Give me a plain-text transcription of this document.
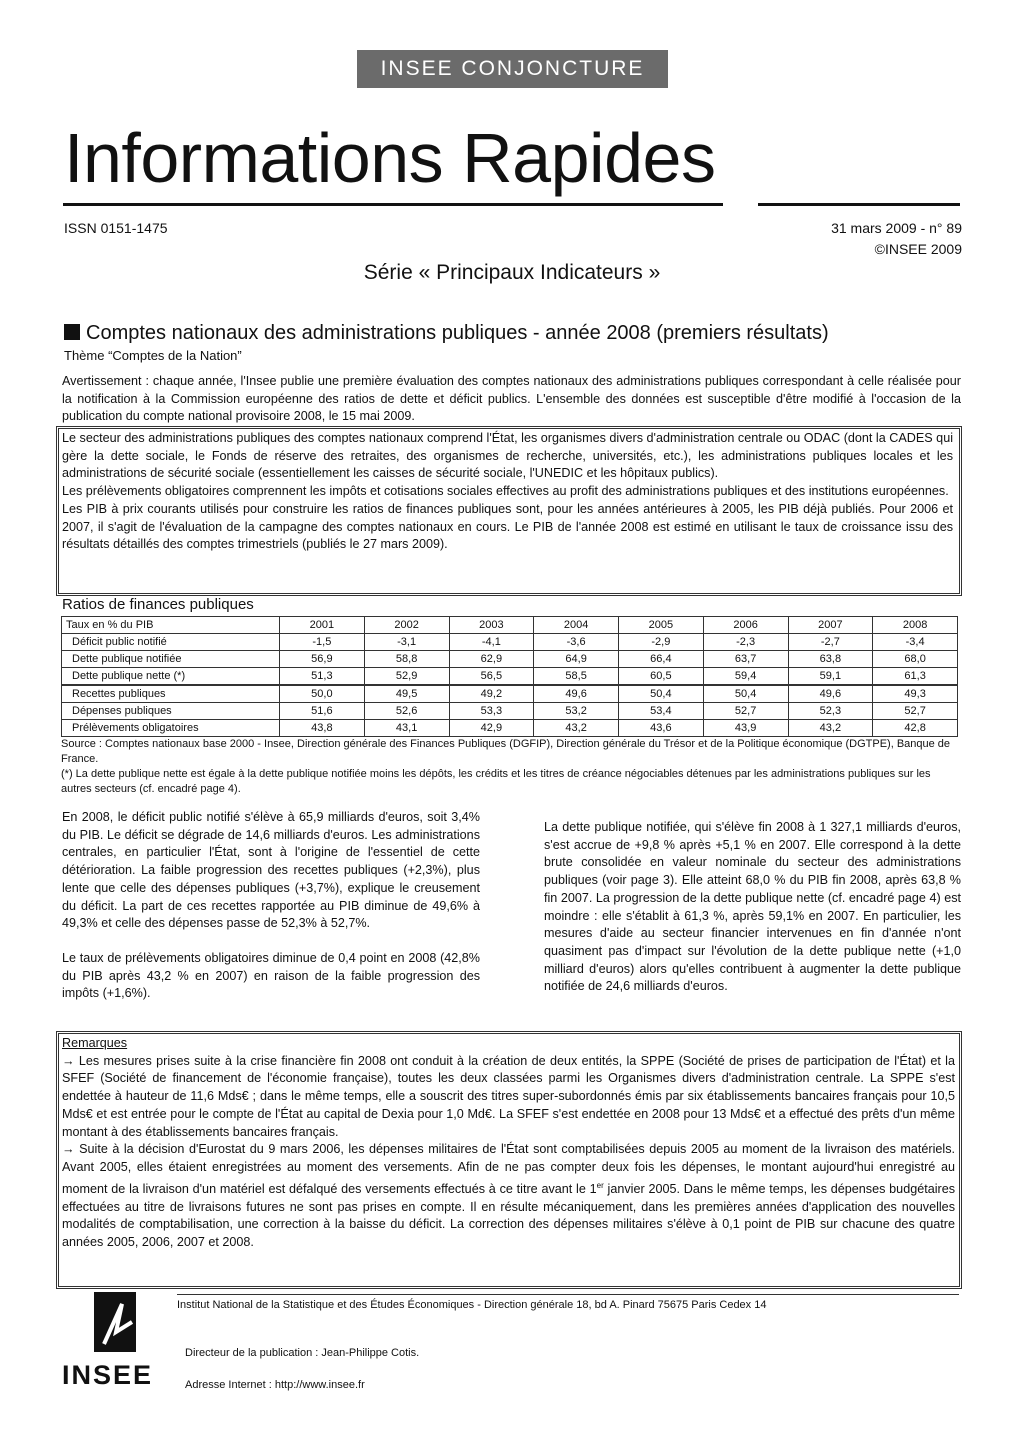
INSEE CONJONCTURE
Informations Rapides
ISSN 0151-1475	31 mars 2009 - n° 89
©INSEE 2009
Série « Principaux Indicateurs »
Comptes nationaux des administrations publiques - année 2008 (premiers résultats)
Thème “Comptes de la Nation”
Avertissement : chaque année, l'Insee publie une première évaluation des comptes nationaux des administrations publiques correspondant à celle réalisée pour la notification à la Commission européenne des ratios de dette et déficit publics. L'ensemble des données est susceptible d'être modifié à l'occasion de la publication du compte national provisoire 2008, le 15 mai 2009.
Le secteur des administrations publiques des comptes nationaux comprend l'État, les organismes divers d'administration centrale ou ODAC (dont la CADES qui gère la dette sociale, le Fonds de réserve des retraites, des organismes de recherche, universités, etc.), les administrations publiques locales et les administrations de sécurité sociale (essentiellement les caisses de sécurité sociale, l'UNEDIC et les hôpitaux publics).
Les prélèvements obligatoires comprennent les impôts et cotisations sociales effectives au profit des administrations publiques et des institutions européennes.
Les PIB à prix courants utilisés pour construire les ratios de finances publiques sont, pour les années antérieures à 2005, les PIB déjà publiés. Pour 2006 et 2007, il s'agit de l'évaluation de la campagne des comptes nationaux en cours. Le PIB de l'année 2008 est estimé en utilisant le taux de croissance issu des résultats détaillés des comptes trimestriels (publiés le 27 mars 2009).
Ratios de finances publiques
Taux en % du PIB	2001	2002	2003	2004	2005	2006	2007	2008
Déficit public notifié	-1,5	-3,1	-4,1	-3,6	-2,9	-2,3	-2,7	-3,4
Dette publique notifiée	56,9	58,8	62,9	64,9	66,4	63,7	63,8	68,0
Dette publique nette (*)	51,3	52,9	56,5	58,5	60,5	59,4	59,1	61,3
Recettes publiques	50,0	49,5	49,2	49,6	50,4	50,4	49,6	49,3
Dépenses publiques	51,6	52,6	53,3	53,2	53,4	52,7	52,3	52,7
Prélèvements obligatoires	43,8	43,1	42,9	43,2	43,6	43,9	43,2	42,8
Source : Comptes nationaux base 2000 - Insee, Direction générale des Finances Publiques (DGFIP), Direction générale du Trésor et de la Politique économique (DGTPE), Banque de France.
(*) La dette publique nette est égale à la dette publique notifiée moins les dépôts, les crédits et les titres de créance négociables détenues par les administrations publiques sur les autres secteurs (cf. encadré page 4).
En 2008, le déficit public notifié s'élève à 65,9 milliards d'euros, soit 3,4% du PIB. Le déficit se dégrade de 14,6 milliards d'euros. Les administrations centrales, en particulier l'État, sont à l'origine de l'essentiel de cette détérioration. La faible progression des recettes publiques (+2,3%), plus lente que celle des dépenses publiques (+3,7%), explique le creusement du déficit. La part de ces recettes rapportée au PIB diminue de 49,6% à 49,3% et celle des dépenses passe de 52,3% à 52,7%.
Le taux de prélèvements obligatoires diminue de 0,4 point en 2008 (42,8% du PIB après 43,2 % en 2007) en raison de la faible progression des impôts (+1,6%).
La dette publique notifiée, qui s'élève fin 2008 à 1 327,1 milliards d'euros, s'est accrue de +9,8 % après +5,1 % en 2007. Elle correspond à la dette brute consolidée en valeur nominale du secteur des administrations publiques (voir page 3). Elle atteint 68,0 % du PIB fin 2008, après 63,8 % fin 2007. La progression de la dette publique nette (cf. encadré page 4) est moindre : elle s'établit à 61,3 %, après 59,1% en 2007. En particulier, les mesures d'aide au secteur financier intervenues en fin d'année n'ont quasiment pas d'impact sur l'évolution de la dette publique nette (+1,0 milliard d'euros) alors qu'elles contribuent à augmenter la dette publique notifiée de 24,6 milliards d'euros.
Remarques
→ Les mesures prises suite à la crise financière fin 2008 ont conduit à la création de deux entités, la SPPE (Société de prises de participation de l'État) et la SFEF (Société de financement de l'économie française), toutes les deux classées parmi les Organismes divers d'administration centrale. La SPPE s'est endettée à hauteur de 11,6 Mds€ ; dans le même temps, elle a souscrit des titres super-subordonnés émis par six établissements bancaires français pour 10,5 Mds€ et est entrée pour le compte de l'État au capital de Dexia pour 1,0 Md€. La SFEF s'est endettée en 2008 pour 13 Mds€ et a effectué des prêts d'un même montant à des établissements bancaires français.
→ Suite à la décision d'Eurostat du 9 mars 2006, les dépenses militaires de l'État sont comptabilisées depuis 2005 au moment de la livraison des matériels. Avant 2005, elles étaient enregistrées au moment des versements. Afin de ne pas compter deux fois les dépenses, le montant aujourd'hui enregistré au moment de la livraison d'un matériel est défalqué des versements effectués à ce titre avant le 1er janvier 2005. Dans le même temps, les dépenses budgétaires effectuées au titre de livraisons futures ne sont pas prises en compte. Il en résulte mécaniquement, dans les premières années d'application des nouvelles modalités de comptabilisation, une correction à la baisse du déficit. La correction des dépenses militaires s'élève à 0,1 point de PIB sur chacune des quatre années 2005, 2006, 2007 et 2008.
Institut National de la Statistique et des Études Économiques - Direction générale 18, bd A. Pinard 75675 Paris Cedex 14
Directeur de la publication : Jean-Philippe Cotis.
Adresse Internet : http://www.insee.fr
INSEE
